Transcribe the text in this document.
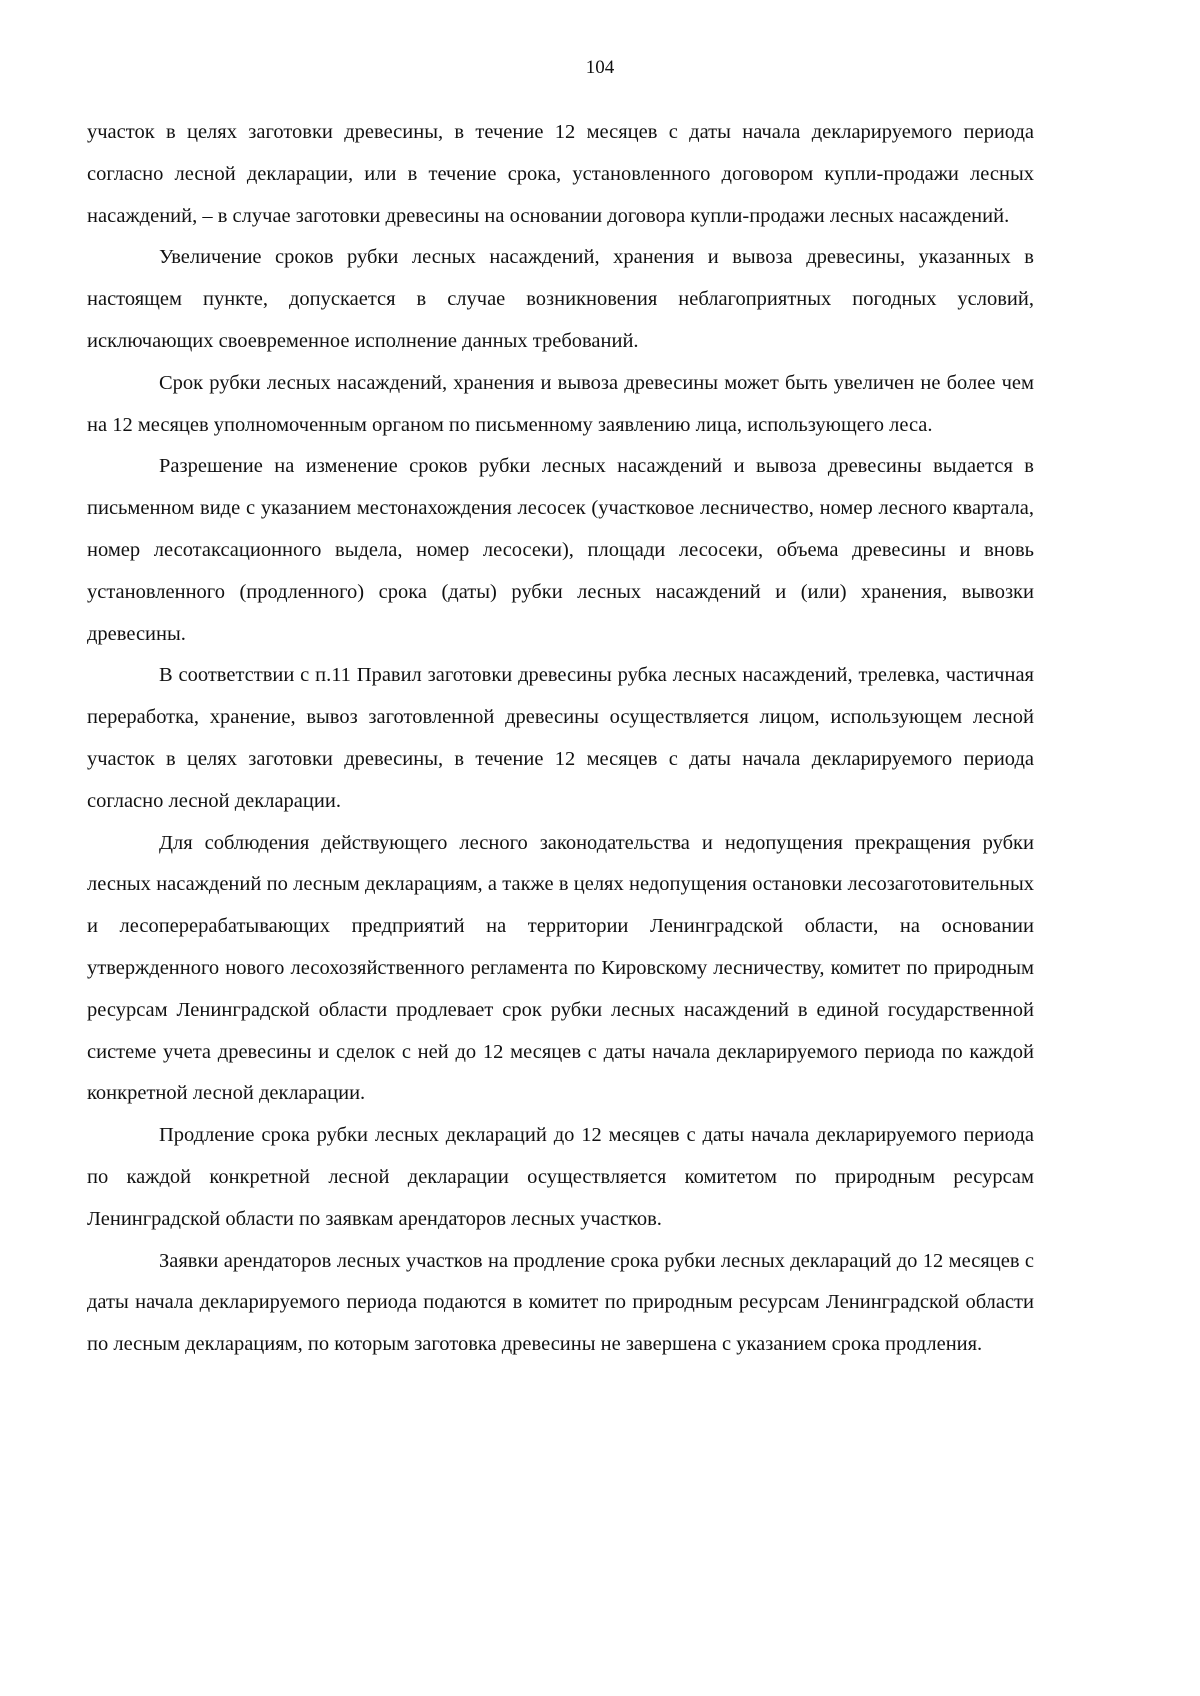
104

участок в целях заготовки древесины, в течение 12 месяцев с даты начала декларируемого периода согласно лесной декларации, или в течение срока, установленного договором купли-продажи лесных насаждений, – в случае заготовки древесины на основании договора купли-продажи лесных насаждений.

Увеличение сроков рубки лесных насаждений, хранения и вывоза древесины, указанных в настоящем пункте, допускается в случае возникновения неблагоприятных погодных условий, исключающих своевременное исполнение данных требований.

Срок рубки лесных насаждений, хранения и вывоза древесины может быть увеличен не более чем на 12 месяцев уполномоченным органом по письменному заявлению лица, использующего леса.

Разрешение на изменение сроков рубки лесных насаждений и вывоза древесины выдается в письменном виде с указанием местонахождения лесосек (участковое лесничество, номер лесного квартала, номер лесотаксационного выдела, номер лесосеки), площади лесосеки, объема древесины и вновь установленного (продленного) срока (даты) рубки лесных насаждений и (или) хранения, вывозки древесины.

В соответствии с п.11 Правил заготовки древесины рубка лесных насаждений, трелевка, частичная переработка, хранение, вывоз заготовленной древесины осуществляется лицом, использующем лесной участок в целях заготовки древесины, в течение 12 месяцев с даты начала декларируемого периода согласно лесной декларации.

Для соблюдения действующего лесного законодательства и недопущения прекращения рубки лесных насаждений по лесным декларациям, а также в целях недопущения остановки лесозаготовительных и лесоперерабатывающих предприятий на территории Ленинградской области, на основании утвержденного нового лесохозяйственного регламента по Кировскому лесничеству, комитет по природным ресурсам Ленинградской области продлевает срок рубки лесных насаждений в единой государственной системе учета древесины и сделок с ней до 12 месяцев с даты начала декларируемого периода по каждой конкретной лесной декларации.

Продление срока рубки лесных деклараций до 12 месяцев с даты начала декларируемого периода по каждой конкретной лесной декларации осуществляется комитетом по природным ресурсам Ленинградской области по заявкам арендаторов лесных участков.

Заявки арендаторов лесных участков на продление срока рубки лесных деклараций до 12 месяцев с даты начала декларируемого периода подаются в комитет по природным ресурсам Ленинградской области по лесным декларациям, по которым заготовка древесины не завершена с указанием срока продления.
